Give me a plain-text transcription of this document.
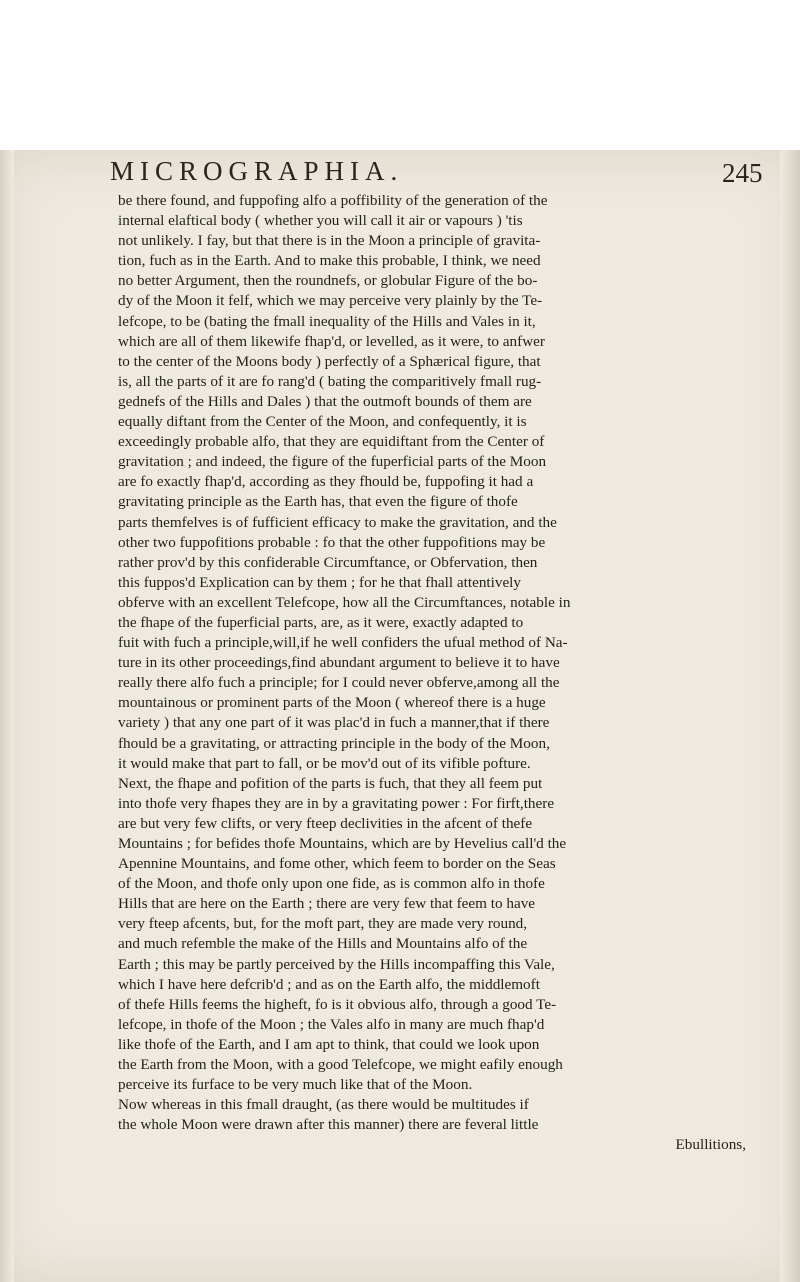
MICROGRAPHIA.	245
be there found, and fuppofing alfo a poffibility of the generation of the
internal elaftical body ( whether you will call it air or vapours ) 'tis
not unlikely. I fay, but that there is in the Moon a principle of gravita-
tion, fuch as in the Earth. And to make this probable, I think, we need
no better Argument, then the roundnefs, or globular Figure of the bo-
dy of the Moon it felf, which we may perceive very plainly by the Te-
lefcope, to be (bating the fmall inequality of the Hills and Vales in it,
which are all of them likewife fhap'd, or levelled, as it were, to anfwer
to the center of the Moons body ) perfectly of a Sphærical figure, that
is, all the parts of it are fo rang'd ( bating the comparitively fmall rug-
gednefs of the Hills and Dales ) that the outmoft bounds of them are
equally diftant from the Center of the Moon, and confequently, it is
exceedingly probable alfo, that they are equidiftant from the Center of
gravitation ; and indeed, the figure of the fuperficial parts of the Moon
are fo exactly fhap'd, according as they fhould be, fuppofing it had a
gravitating principle as the Earth has, that even the figure of thofe
parts themfelves is of fufficient efficacy to make the gravitation, and the
other two fuppofitions probable : fo that the other fuppofitions may be
rather prov'd by this confiderable Circumftance, or Obfervation, then
this fuppos'd Explication can by them ; for he that fhall attentively
obferve with an excellent Telefcope, how all the Circumftances, notable in
the fhape of the fuperficial parts, are, as it were, exactly adapted to
fuit with fuch a principle,will,if he well confiders the ufual method of Na-
ture in its other proceedings,find abundant argument to believe it to have
really there alfo fuch a principle; for I could never obferve,among all the
mountainous or prominent parts of the Moon ( whereof there is a huge
variety ) that any one part of it was plac'd in fuch a manner,that if there
fhould be a gravitating, or attracting principle in the body of the Moon,
it would make that part to fall, or be mov'd out of its vifible pofture.
Next, the fhape and pofition of the parts is fuch, that they all feem put
into thofe very fhapes they are in by a gravitating power : For firft,there
are but very few clifts, or very fteep declivities in the afcent of thefe
Mountains ; for befides thofe Mountains, which are by Hevelius call'd the
Apennine Mountains, and fome other, which feem to border on the Seas
of the Moon, and thofe only upon one fide, as is common alfo in thofe
Hills that are here on the Earth ; there are very few that feem to have
very fteep afcents, but, for the moft part, they are made very round,
and much refemble the make of the Hills and Mountains alfo of the
Earth ; this may be partly perceived by the Hills incompaffing this Vale,
which I have here defcrib'd ; and as on the Earth alfo, the middlemoft
of thefe Hills feems the higheft, fo is it obvious alfo, through a good Te-
lefcope, in thofe of the Moon ; the Vales alfo in many are much fhap'd
like thofe of the Earth, and I am apt to think, that could we look upon
the Earth from the Moon, with a good Telefcope, we might eafily enough
perceive its furface to be very much like that of the Moon.
Now whereas in this fmall draught, (as there would be multitudes if
the whole Moon were drawn after this manner) there are feveral little
Ebullitions,
